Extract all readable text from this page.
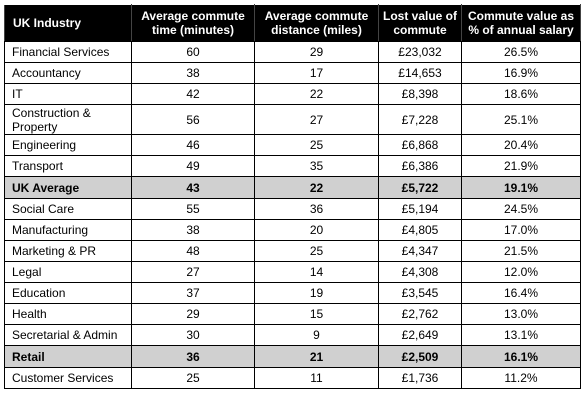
UK Industry	Average commute time (minutes)	Average commute distance (miles)	Lost value of commute	Commute value as % of annual salary
Financial Services	60	29	£23,032	26.5%
Accountancy	38	17	£14,653	16.9%
IT	42	22	£8,398	18.6%
Construction & Property	56	27	£7,228	25.1%
Engineering	46	25	£6,868	20.4%
Transport	49	35	£6,386	21.9%
UK Average	43	22	£5,722	19.1%
Social Care	55	36	£5,194	24.5%
Manufacturing	38	20	£4,805	17.0%
Marketing & PR	48	25	£4,347	21.5%
Legal	27	14	£4,308	12.0%
Education	37	19	£3,545	16.4%
Health	29	15	£2,762	13.0%
Secretarial & Admin	30	9	£2,649	13.1%
Retail	36	21	£2,509	16.1%
Customer Services	25	11	£1,736	11.2%
